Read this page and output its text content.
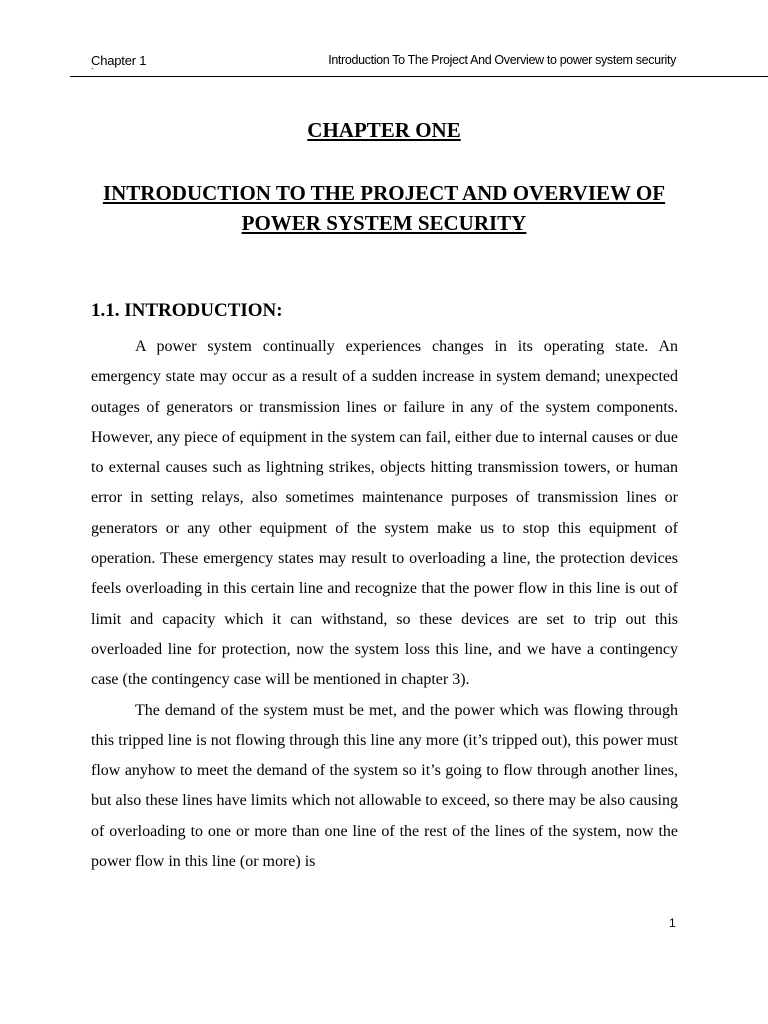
Chapter 1
`
Introduction To The Project And Overview to power system security
CHAPTER ONE
INTRODUCTION TO THE PROJECT AND OVERVIEW OF POWER SYSTEM SECURITY
1.1. INTRODUCTION:

A power system continually experiences changes in its operating state. An emergency state may occur as a result of a sudden increase in system demand; unexpected outages of generators or transmission lines or failure in any of the system components. However, any piece of equipment in the system can fail, either due to internal causes or due to external causes such as lightning strikes, objects hitting transmission towers, or human error in setting relays, also sometimes maintenance purposes of transmission lines or generators or any other equipment of the system make us to stop this equipment of operation. These emergency states may result to overloading a line, the protection devices feels overloading in this certain line and recognize that the power flow in this line is out of limit and capacity which it can withstand, so these devices are set to trip out this overloaded line for protection, now the system loss this line, and we have a contingency case (the contingency case will be mentioned in chapter 3).

The demand of the system must be met, and the power which was flowing through this tripped line is not flowing through this line any more (it’s tripped out), this power must flow anyhow to meet the demand of the system so it’s going to flow through another lines, but also these lines have limits which not allowable to exceed, so there may be also causing of overloading to one or more than one line of the rest of the lines of the system, now the power flow in this line (or more) is

1
